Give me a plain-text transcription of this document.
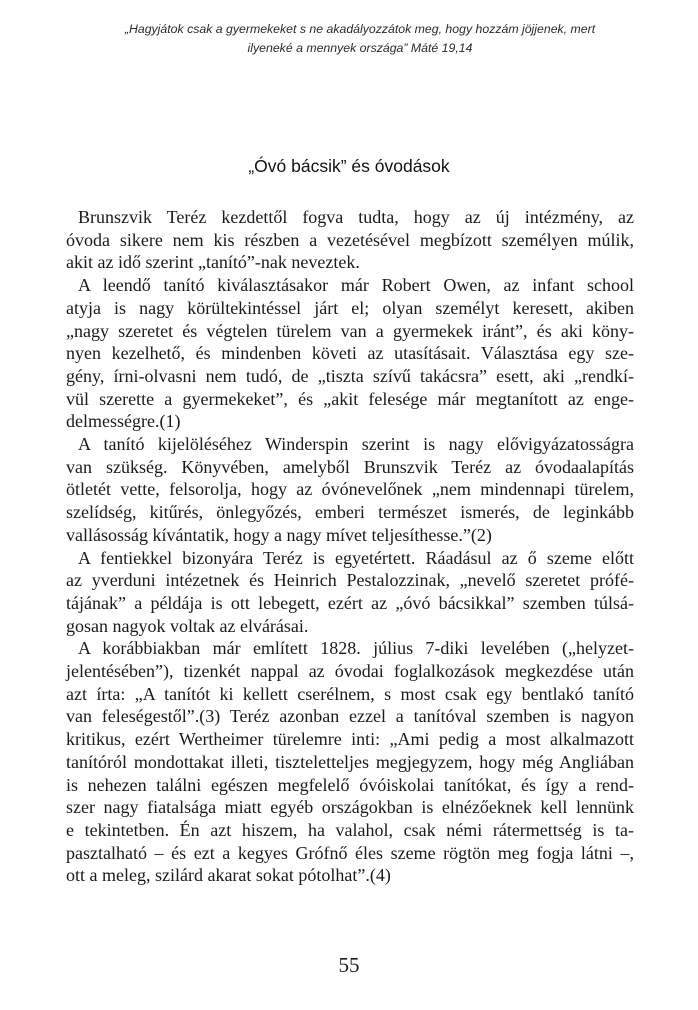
„Hagyjátok csak a gyermekeket s ne akadályozzátok meg, hogy hozzám jöjjenek, mert
ilyeneké a mennyek országa” Máté 19,14
„Óvó bácsik” és óvodások
Brunszvik Teréz kezdettől fogva tudta, hogy az új intézmény, az
óvoda sikere nem kis részben a vezetésével megbízott személyen múlik,
akit az idő szerint „tanító”-nak neveztek.
A leendő tanító kiválasztásakor már Robert Owen, az infant school
atyja is nagy körültekintéssel járt el; olyan személyt keresett, akiben
„nagy szeretet és végtelen türelem van a gyermekek iránt”, és aki köny-
nyen kezelhető, és mindenben követi az utasításait. Választása egy sze-
gény, írni-olvasni nem tudó, de „tiszta szívű takácsra” esett, aki „rendkí-
vül szerette a gyermekeket”, és „akit felesége már megtanított az enge-
delmességre.(1)
A tanító kijelöléséhez Winderspin szerint is nagy elővigyázatosságra
van szükség. Könyvében, amelyből Brunszvik Teréz az óvodaalapítás
ötletét vette, felsorolja, hogy az óvónevelőnek „nem mindennapi türelem,
szelídség, kitűrés, önlegyőzés, emberi természet ismerés, de leginkább
vallásosság kívántatik, hogy a nagy mívet teljesíthesse.”(2)
A fentiekkel bizonyára Teréz is egyetértett. Ráadásul az ő szeme előtt
az yverduni intézetnek és Heinrich Pestalozzinak, „nevelő szeretet prófé-
tájának” a példája is ott lebegett, ezért az „óvó bácsikkal” szemben túlsá-
gosan nagyok voltak az elvárásai.
A korábbiakban már említett 1828. július 7-diki levelében („helyzet-
jelentésében”), tizenkét nappal az óvodai foglalkozások megkezdése után
azt írta: „A tanítót ki kellett cserélnem, s most csak egy bentlakó tanító
van feleségestől”.(3) Teréz azonban ezzel a tanítóval szemben is nagyon
kritikus, ezért Wertheimer türelemre inti: „Ami pedig a most alkalmazott
tanítóról mondottakat illeti, tiszteletteljes megjegyzem, hogy még Angliában
is nehezen találni egészen megfelelő óvóiskolai tanítókat, és így a rend-
szer nagy fiatalsága miatt egyéb országokban is elnézőeknek kell lennünk
e tekintetben. Én azt hiszem, ha valahol, csak némi rátermettség is ta-
pasztalható – és ezt a kegyes Grófnő éles szeme rögtön meg fogja látni –,
ott a meleg, szilárd akarat sokat pótolhat”.(4)
55
